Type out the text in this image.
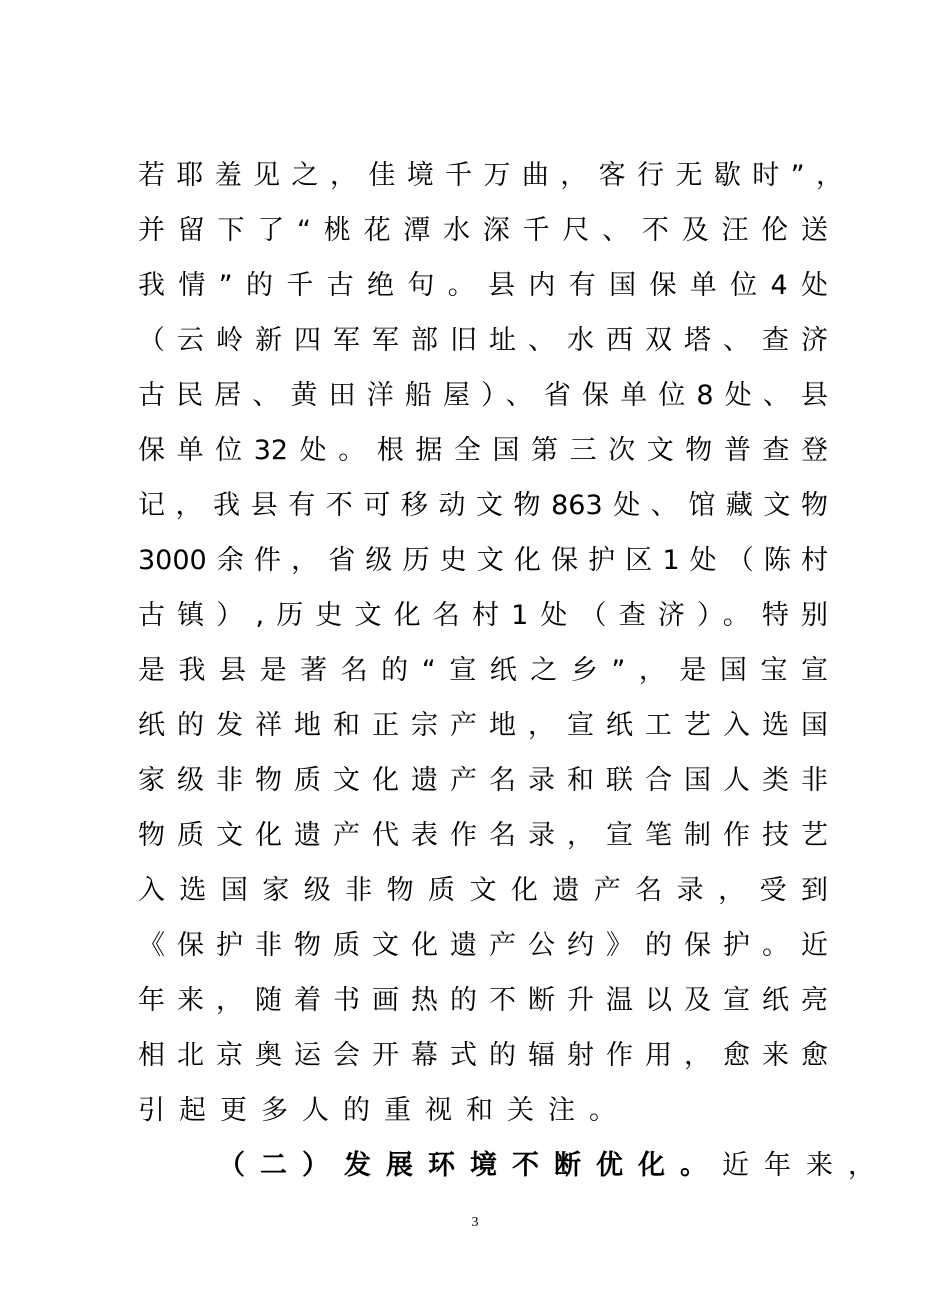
若耶羞见之，佳境千万曲，客行无歇时”，
并留下了“桃花潭水深千尺、不及汪伦送
我情”的千古绝句。县内有国保单位4处
（云岭新四军军部旧址、水西双塔、查济
古民居、黄田洋船屋）、省保单位8处、县
保单位32处。根据全国第三次文物普查登
记，我县有不可移动文物863处、馆藏文物
3000余件，省级历史文化保护区1处（陈村
古镇）,历史文化名村1处（查济）。特别
是我县是著名的“宣纸之乡”，是国宝宣
纸的发祥地和正宗产地，宣纸工艺入选国
家级非物质文化遗产名录和联合国人类非
物质文化遗产代表作名录，宣笔制作技艺
入选国家级非物质文化遗产名录，受到
《保护非物质文化遗产公约》的保护。近
年来，随着书画热的不断升温以及宣纸亮
相北京奥运会开幕式的辐射作用，愈来愈
引起更多人的重视和关注。
（二）发展环境不断优化。近年来，
3
